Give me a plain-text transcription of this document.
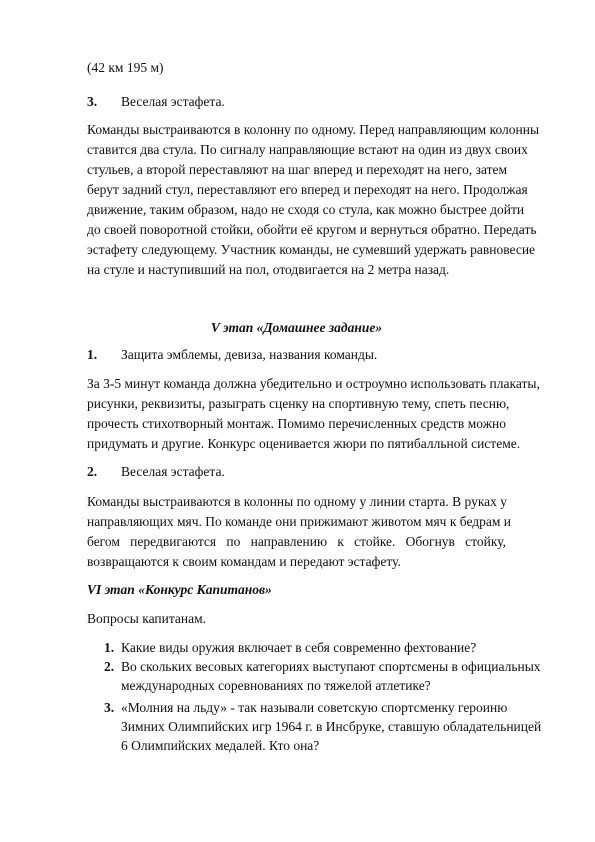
(42 км 195 м)
3. Веселая эстафета.
Команды выстраиваются в колонну по одному. Перед направляющим колонны
ставится два стула. По сигналу направляющие встают на один из двух своих
стульев, а второй переставляют на шаг вперед и переходят на него, затем
берут задний стул, переставляют его вперед и переходят на него. Продолжая
движение, таким образом, надо не сходя со стула, как можно быстрее дойти
до своей поворотной стойки, обойти её кругом и вернуться обратно. Передать
эстафету следующему. Участник команды, не сумевший удержать равновесие
на стуле и наступивший на пол, отодвигается на 2 метра назад.
V этап «Домашнее задание»
1. Защита эмблемы, девиза, названия команды.
За 3-5 минут команда должна убедительно и остроумно использовать плакаты,
рисунки, реквизиты, разыграть сценку на спортивную тему, спеть песню,
прочесть стихотворный монтаж. Помимо перечисленных средств можно
придумать и другие. Конкурс оценивается жюри по пятибалльной системе.
2. Веселая эстафета.
Команды выстраиваются в колонны по одному у линии старта. В руках у
направляющих мяч. По команде они прижимают животом мяч к бедрам и
бегом передвигаются по направлению к стойке. Обогнув стойку,
возвращаются к своим командам и передают эстафету.
VI этап «Конкурс Капитанов»
Вопросы капитанам.
1. Какие виды оружия включает в себя современно фехтование?
2. Во скольких весовых категориях выступают спортсмены в официальных
международных соревнованиях по тяжелой атлетике?
3. «Молния на льду» - так называли советскую спортсменку героиню
Зимних Олимпийских игр 1964 г. в Инсбруке, ставшую обладательницей
6 Олимпийских медалей. Кто она?
